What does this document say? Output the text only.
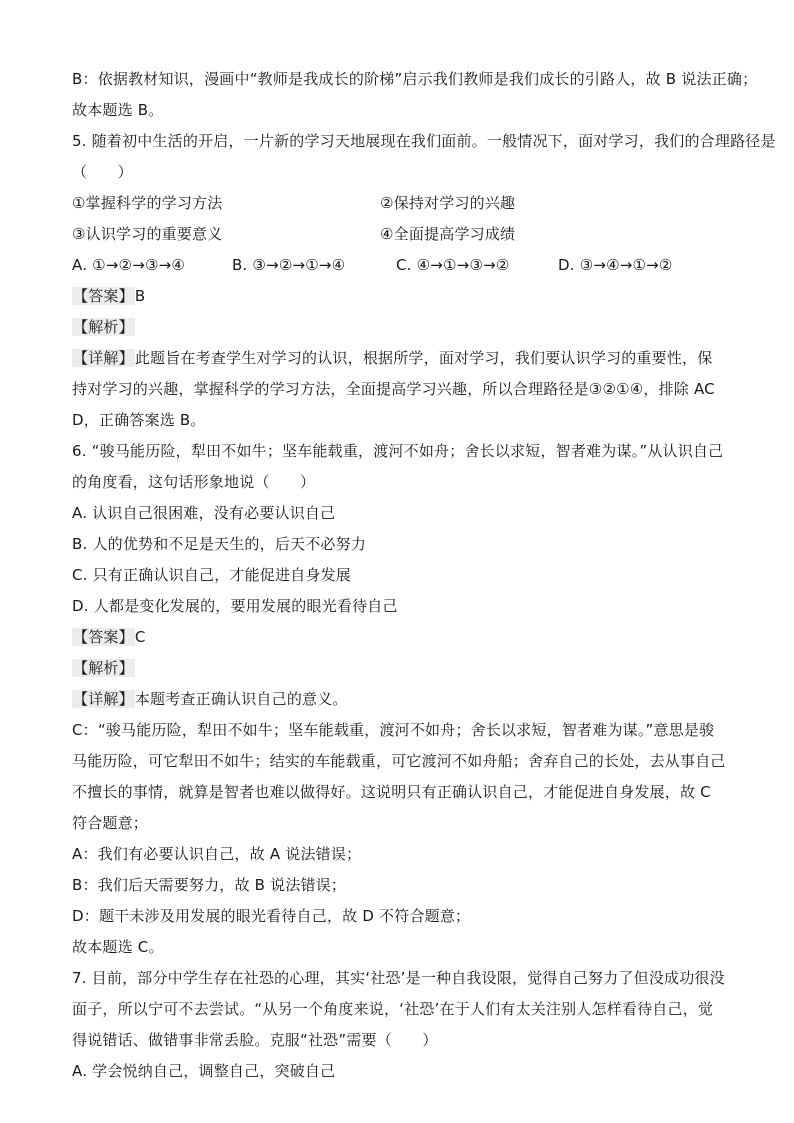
B：依据教材知识，漫画中“教师是我成长的阶梯”启示我们教师是我们成长的引路人，故 B 说法正确；
故本题选 B。
5. 随着初中生活的开启，一片新的学习天地展现在我们面前。一般情况下，面对学习，我们的合理路径是
（　　）
①掌握科学的学习方法	②保持对学习的兴趣
③认识学习的重要意义	④全面提高学习成绩
A. ①→②→③→④	B. ③→②→①→④	C. ④→①→③→②	D. ③→④→①→②
【答案】B
【解析】
【详解】此题旨在考查学生对学习的认识，根据所学，面对学习，我们要认识学习的重要性，保持对学习的兴趣，掌握科学的学习方法，全面提高学习兴趣，所以合理路径是③②①④，排除 ACD，正确答案选 B。
6. “骏马能历险，犁田不如牛；坚车能载重，渡河不如舟；舍长以求短，智者难为谋。”从认识自己的角度看，这句话形象地说（　　）
A. 认识自己很困难，没有必要认识自己
B. 人的优势和不足是天生的，后天不必努力
C. 只有正确认识自己，才能促进自身发展
D. 人都是变化发展的，要用发展的眼光看待自己
【答案】C
【解析】
【详解】本题考查正确认识自己的意义。
C：“骏马能历险，犁田不如牛；坚车能载重，渡河不如舟；舍长以求短，智者难为谋。”意思是骏马能历险，可它犁田不如牛；结实的车能载重，可它渡河不如舟船；舍弃自己的长处，去从事自己不擅长的事情，就算是智者也难以做得好。这说明只有正确认识自己，才能促进自身发展，故 C 符合题意；
A：我们有必要认识自己，故 A 说法错误；
B：我们后天需要努力，故 B 说法错误；
D：题干未涉及用发展的眼光看待自己，故 D 不符合题意；
故本题选 C。
7. 目前，部分中学生存在社恐的心理，其实‘社恐’是一种自我设限，觉得自己努力了但没成功很没面子，所以宁可不去尝试。“从另一个角度来说，‘社恐’在于人们有太关注别人怎样看待自己，觉得说错话、做错事非常丢脸。克服“社恐”需要（　　）
A. 学会悦纳自己，调整自己，突破自己
